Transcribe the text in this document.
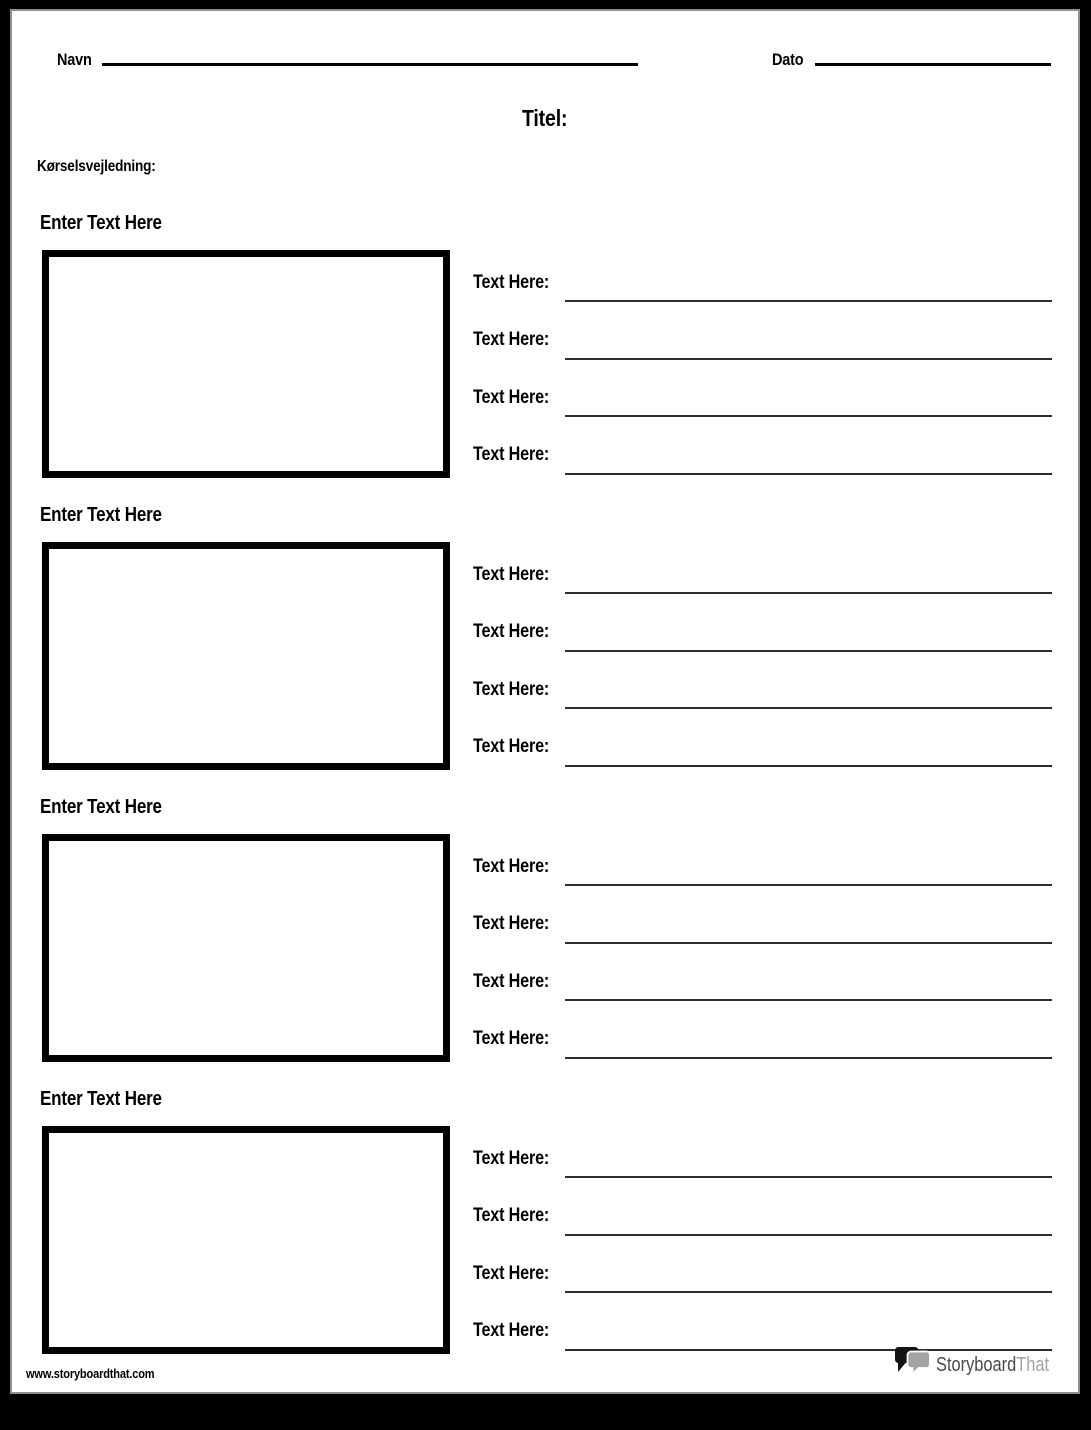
Navn	Dato
Titel:
Kørselsvejledning:
Enter Text Here
Text Here:
Text Here:
Text Here:
Text Here:
Enter Text Here
Text Here:
Text Here:
Text Here:
Text Here:
Enter Text Here
Text Here:
Text Here:
Text Here:
Text Here:
Enter Text Here
Text Here:
Text Here:
Text Here:
Text Here:
www.storyboardthat.com	StoryboardThat
